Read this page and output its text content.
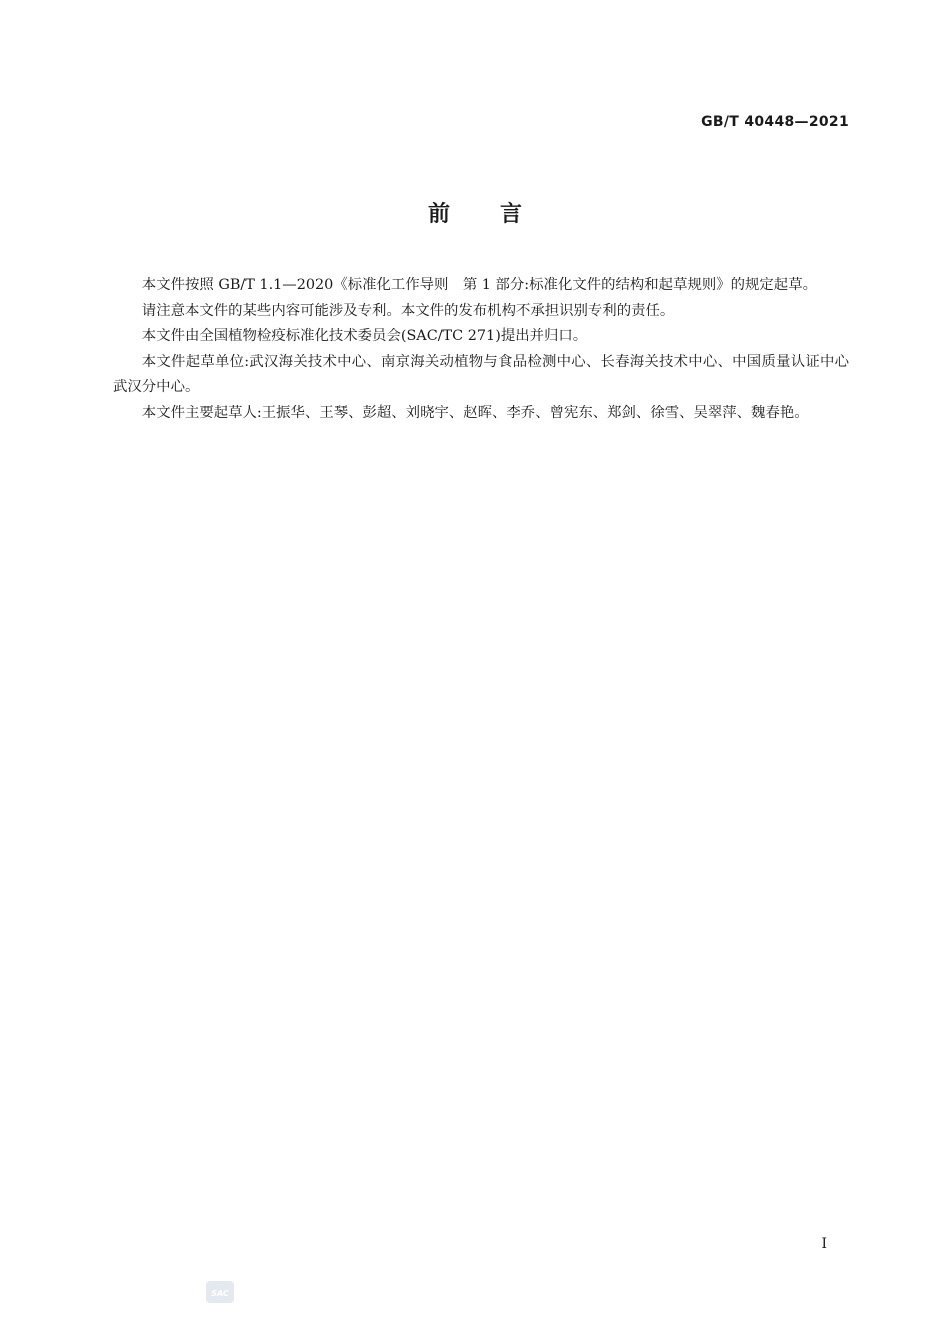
GB/T 40448—2021
前言

本文件按照 GB/T 1.1—2020《标准化工作导则　第 1 部分:标准化文件的结构和起草规则》的规定起草。

请注意本文件的某些内容可能涉及专利。本文件的发布机构不承担识别专利的责任。

本文件由全国植物检疫标准化技术委员会(SAC/TC 271)提出并归口。

本文件起草单位:武汉海关技术中心、南京海关动植物与食品检测中心、长春海关技术中心、中国质量认证中心武汉分中心。

本文件主要起草人:王振华、王琴、彭超、刘晓宇、赵晖、李乔、曾宪东、郑剑、徐雪、吴翠萍、魏春艳。

I
SAC
